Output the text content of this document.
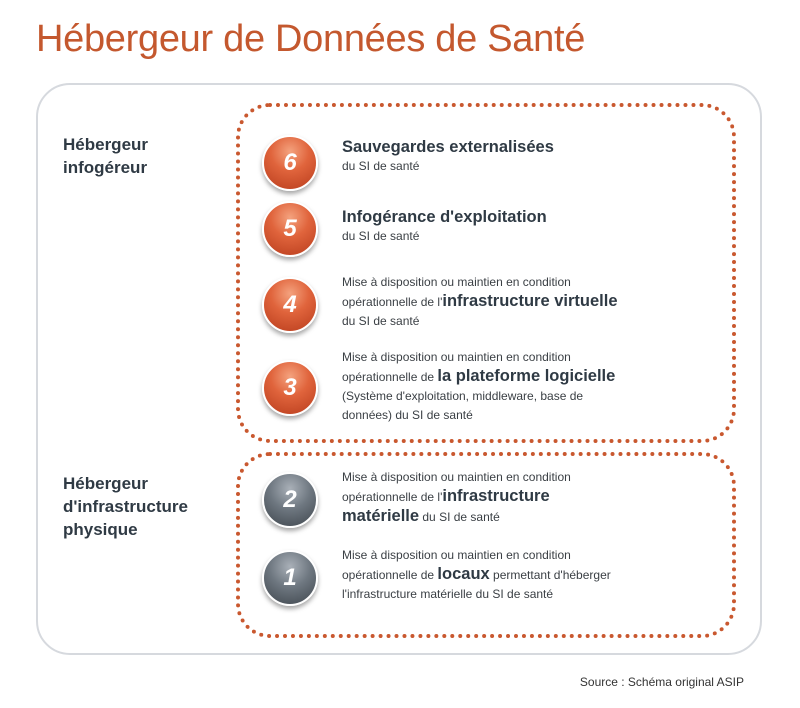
Hébergeur de Données de Santé
Hébergeur
infogéreur
Hébergeur
d'infrastructure
physique
6
Sauvegardes externalisées
du SI de santé
5	Infogérance d'exploitation
du SI de santé
4
Mise à disposition ou maintien en condition
opérationnelle de l'infrastructure virtuelle
du SI de santé
3
Mise à disposition ou maintien en condition
opérationnelle de la plateforme logicielle
(Système d'exploitation, middleware, base de
données) du SI de santé
2
Mise à disposition ou maintien en condition
opérationnelle de l'infrastructure
matérielle du SI de santé
1
Mise à disposition ou maintien en condition
opérationnelle de locaux permettant d'héberger
l'infrastructure matérielle du SI de santé
Source : Schéma original ASIP
